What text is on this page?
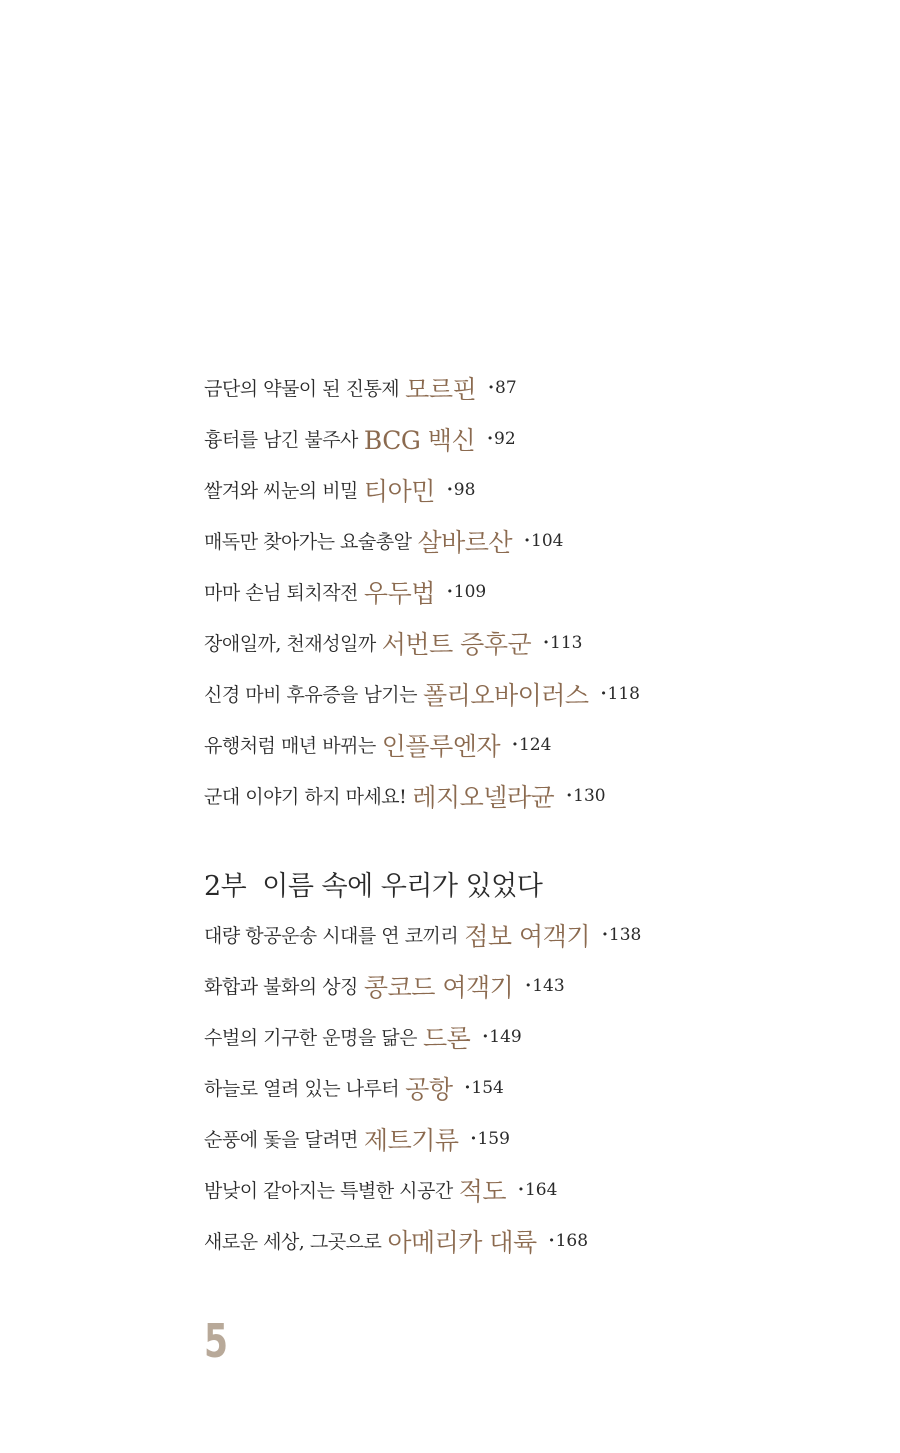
금단의 약물이 된 진통제 모르핀	· 87
흉터를 남긴 불주사 BCG 백신	· 92
쌀겨와 씨눈의 비밀 티아민	· 98
매독만 찾아가는 요술총알 살바르산	· 104
마마 손님 퇴치작전 우두법	· 109
장애일까, 천재성일까 서번트 증후군	· 113
신경 마비 후유증을 남기는 폴리오바이러스	· 118
유행처럼 매년 바뀌는 인플루엔자	· 124
군대 이야기 하지 마세요! 레지오넬라균	· 130
2부 이름 속에 우리가 있었다
대량 항공운송 시대를 연 코끼리 점보 여객기	· 138
화합과 불화의 상징 콩코드 여객기	· 143
수벌의 기구한 운명을 닮은 드론	· 149
하늘로 열려 있는 나루터 공항	· 154
순풍에 돛을 달려면 제트기류	· 159
밤낮이 같아지는 특별한 시공간 적도	· 164
새로운 세상, 그곳으로 아메리카 대륙	· 168
5
